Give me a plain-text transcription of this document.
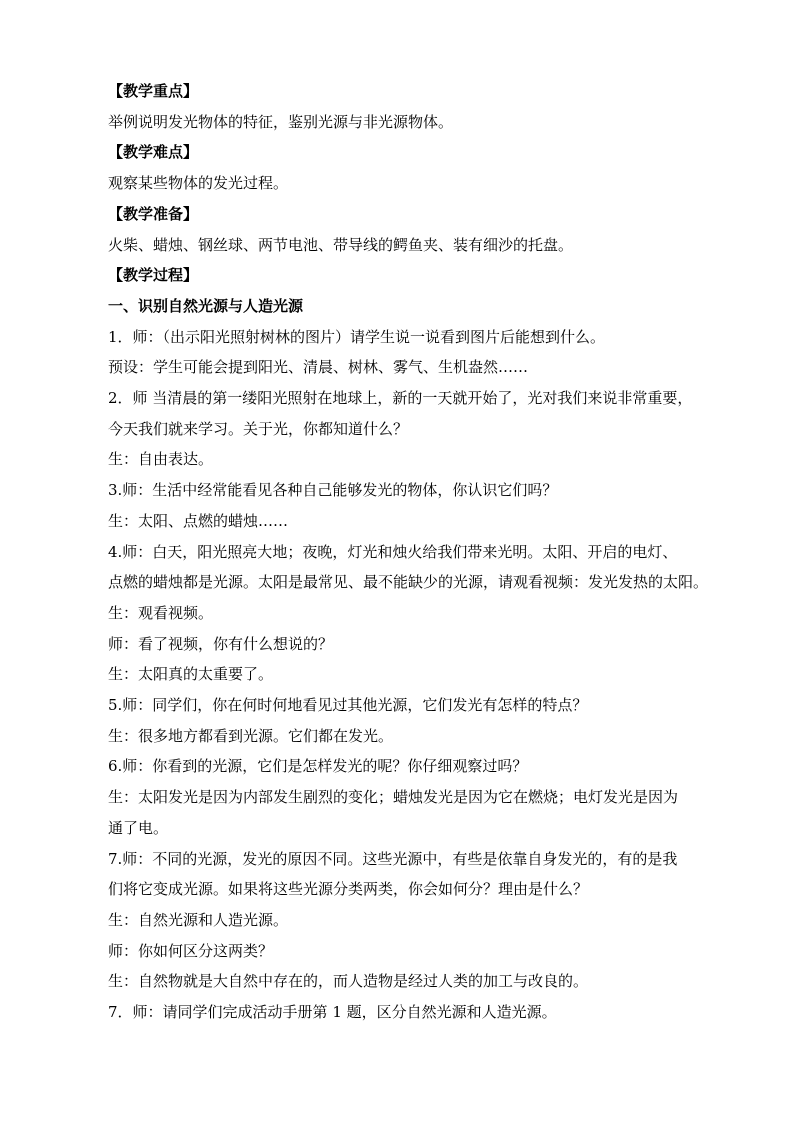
【教学重点】

举例说明发光物体的特征，鉴别光源与非光源物体。

【教学难点】

观察某些物体的发光过程。

【教学准备】

火柴、蜡烛、钢丝球、两节电池、带导线的鳄鱼夹、装有细沙的托盘。

【教学过程】

一、识别自然光源与人造光源

1．师：（出示阳光照射树林的图片）请学生说一说看到图片后能想到什么。

预设：学生可能会提到阳光、清晨、树林、雾气、生机盎然……

2．师 当清晨的第一缕阳光照射在地球上，新的一天就开始了，光对我们来说非常重要，

今天我们就来学习。关于光，你都知道什么？

生：自由表达。

3.师：生活中经常能看见各种自己能够发光的物体，你认识它们吗？

生：太阳、点燃的蜡烛……

4.师：白天，阳光照亮大地；夜晚，灯光和烛火给我们带来光明。太阳、开启的电灯、

点燃的蜡烛都是光源。太阳是最常见、最不能缺少的光源，请观看视频：发光发热的太阳。

生：观看视频。

师：看了视频，你有什么想说的？

生：太阳真的太重要了。

5.师：同学们，你在何时何地看见过其他光源，它们发光有怎样的特点？

生：很多地方都看到光源。它们都在发光。

6.师：你看到的光源，它们是怎样发光的呢？你仔细观察过吗？

生：太阳发光是因为内部发生剧烈的变化；蜡烛发光是因为它在燃烧；电灯发光是因为

通了电。

7.师：不同的光源，发光的原因不同。这些光源中，有些是依靠自身发光的，有的是我

们将它变成光源。如果将这些光源分类两类，你会如何分？理由是什么？

生：自然光源和人造光源。

师：你如何区分这两类？

生：自然物就是大自然中存在的，而人造物是经过人类的加工与改良的。

7．师：请同学们完成活动手册第 1 题，区分自然光源和人造光源。
